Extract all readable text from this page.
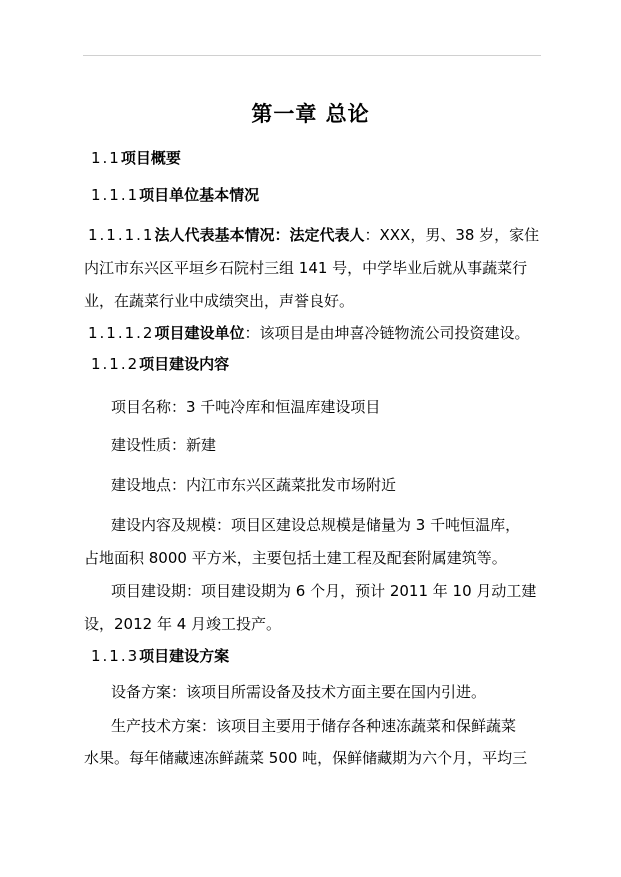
第一章 总论
1.1项目概要
1.1.1项目单位基本情况
1.1.1.1法人代表基本情况：法定代表人：XXX，男、38 岁，家住
内江市东兴区平垣乡石院村三组 141 号，中学毕业后就从事蔬菜行
业，在蔬菜行业中成绩突出，声誉良好。
1.1.1.2项目建设单位：该项目是由坤喜冷链物流公司投资建设。
1.1.2项目建设内容
项目名称：3 千吨冷库和恒温库建设项目
建设性质：新建
建设地点：内江市东兴区蔬菜批发市场附近
建设内容及规模：项目区建设总规模是储量为 3 千吨恒温库，
占地面积 8000 平方米，主要包括土建工程及配套附属建筑等。
项目建设期：项目建设期为 6 个月，预计 2011 年 10 月动工建
设，2012 年 4 月竣工投产。
1.1.3项目建设方案
设备方案：该项目所需设备及技术方面主要在国内引进。
生产技术方案：该项目主要用于储存各种速冻蔬菜和保鲜蔬菜
水果。每年储藏速冻鲜蔬菜 500 吨，保鲜储藏期为六个月，平均三
